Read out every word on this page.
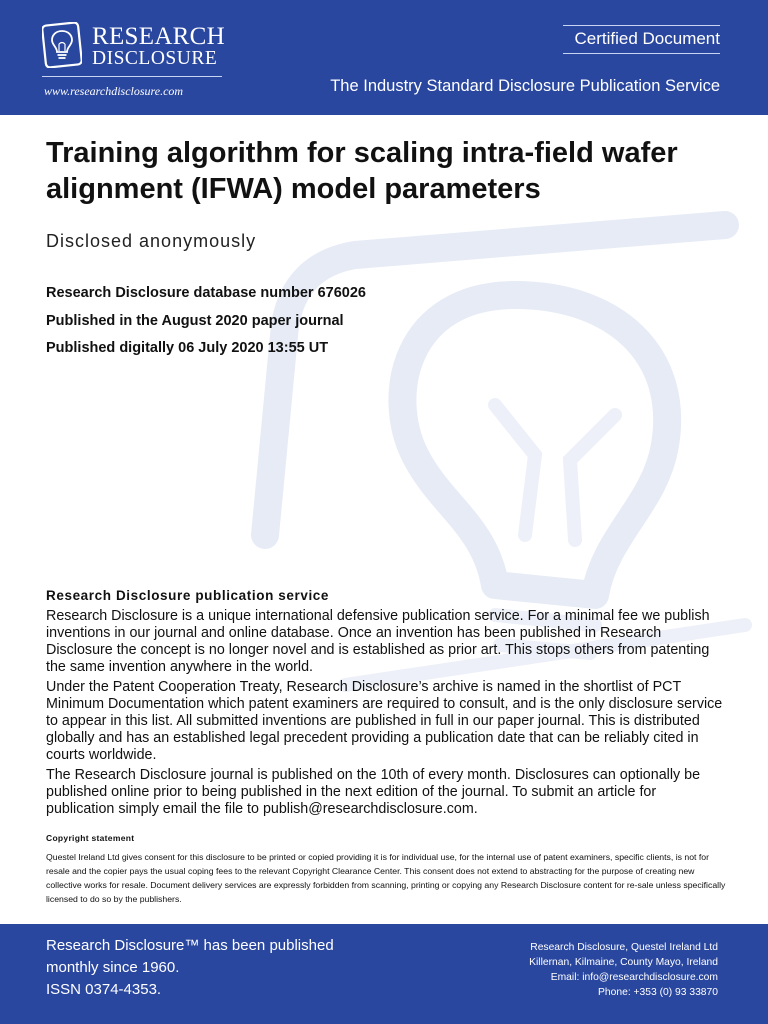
RESEARCH
DISCLOSURE
www.researchdisclosure.com
Certified Document
The Industry Standard Disclosure Publication Service
Training algorithm for scaling intra-field wafer
alignment (IFWA) model parameters
Disclosed anonymously
Research Disclosure database number 676026
Published in the August 2020 paper journal
Published digitally 06 July 2020 13:55 UT
Research Disclosure publication service

Research Disclosure is a unique international defensive publication service. For a minimal fee we publish inventions in our journal and online database. Once an invention has been published in Research Disclosure the concept is no longer novel and is established as prior art. This stops others from patenting the same invention anywhere in the world.

Under the Patent Cooperation Treaty, Research Disclosure’s archive is named in the shortlist of PCT Minimum Documentation which patent examiners are required to consult, and is the only disclosure service to appear in this list. All submitted inventions are published in full in our paper journal. This is distributed globally and has an established legal precedent providing a publication date that can be reliably cited in courts worldwide.

The Research Disclosure journal is published on the 10th of every month. Disclosures can optionally be published online prior to being published in the next edition of the journal. To submit an article for publication simply email the file to publish@researchdisclosure.com.

Copyright statement

Questel Ireland Ltd gives consent for this disclosure to be printed or copied providing it is for individual use, for the internal use of patent examiners, specific clients, is not for resale and the copier pays the usual coping fees to the relevant Copyright Clearance Center. This consent does not extend to abstracting for the purpose of creating new collective works for resale. Document delivery services are expressly forbidden from scanning, printing or copying any Research Disclosure content for re-sale unless specifically licensed to do so by the publishers.

Research Disclosure™ has been published
monthly since 1960.
ISSN 0374-4353.
Research Disclosure, Questel Ireland Ltd
Killernan, Kilmaine, County Mayo, Ireland
Email: info@researchdisclosure.com
Phone: +353 (0) 93 33870
